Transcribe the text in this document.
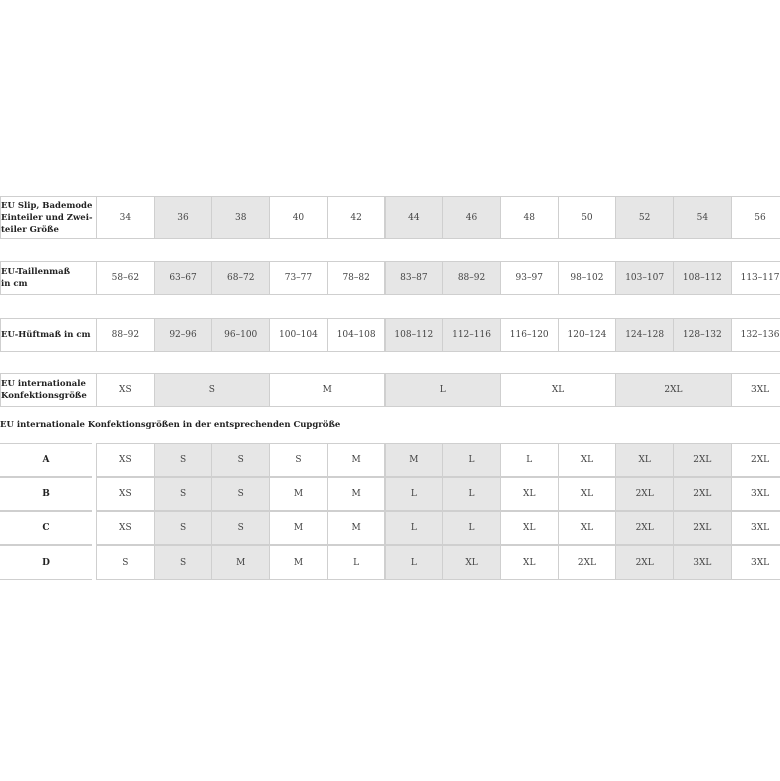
EU Slip, Bademode
Einteiler und Zwei-
teiler Größe
34	36	38	40	42	44	46	48	50	52	54	56
EU-Taillenmaß
in cm
58–62	63–67	68–72	73–77	78–82	83–87	88–92	93–97	98–102	103–107	108–112	113–117
EU-Hüftmaß in cm	88–92	92–96	96–100	100–104	104–108	108–112	112–116	116–120	120–124	124–128	128–132	132–136
EU internationale
Konfektionsgröße
XS	S	M	L	XL	2XL	3XL
EU internationale Konfektionsgrößen in der entsprechenden Cupgröße
A	XS	S	S	S	M	M	L	L	XL	XL	2XL	2XL
B	XS	S	S	M	M	L	L	XL	XL	2XL	2XL	3XL
C	XS	S	S	M	M	L	L	XL	XL	2XL	2XL	3XL
D	S	S	M	M	L	L	XL	XL	2XL	2XL	3XL	3XL
